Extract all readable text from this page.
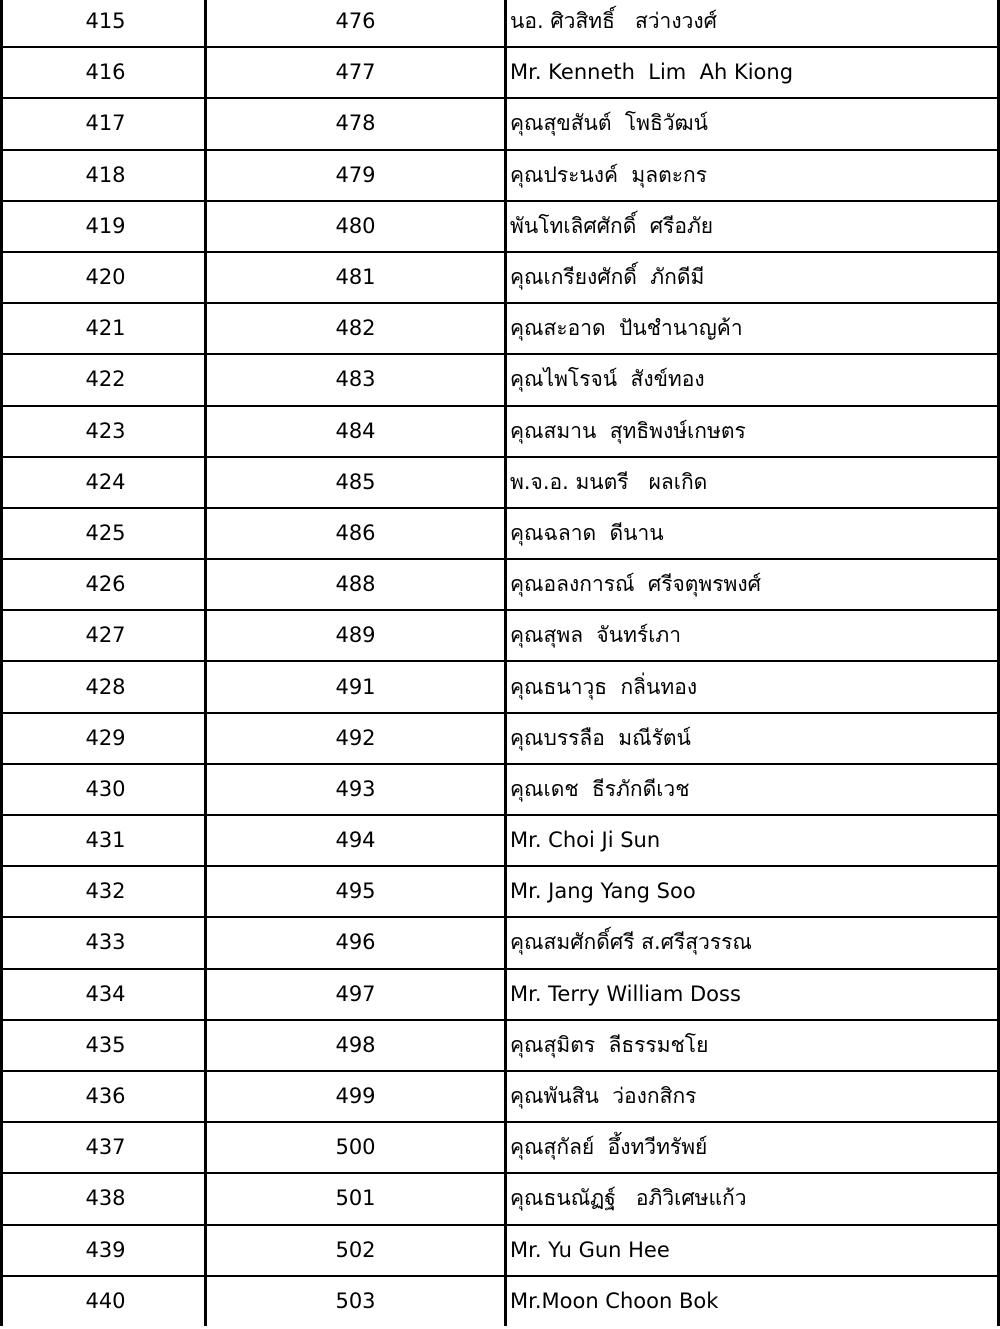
415	476	นอ. ศิวสิทธิ์   สว่างวงศ์
416	477	Mr. Kenneth  Lim  Ah Kiong
417	478	คุณสุขสันต์  โพธิวัฒน์
418	479	คุณประนงค์  มุลตะกร
419	480	พันโทเลิศศักดิ์  ศรีอภัย
420	481	คุณเกรียงศักดิ์  ภักดีมี
421	482	คุณสะอาด  ปันชำนาญค้า
422	483	คุณไพโรจน์  สังข์ทอง
423	484	คุณสมาน  สุทธิพงษ์เกษตร
424	485	พ.จ.อ. มนตรี   ผลเกิด
425	486	คุณฉลาด  ดีนาน
426	488	คุณอลงการณ์  ศรีจตุพรพงศ์
427	489	คุณสุพล  จันทร์เภา
428	491	คุณธนาวุธ  กลิ่นทอง
429	492	คุณบรรลือ  มณีรัตน์
430	493	คุณเดช  ธีรภักดีเวช
431	494	Mr. Choi Ji Sun
432	495	Mr. Jang Yang Soo
433	496	คุณสมศักดิ์ศรี ส.ศรีสุวรรณ
434	497	Mr. Terry William Doss
435	498	คุณสุมิตร  ลีธรรมชโย
436	499	คุณพันสิน  ว่องกสิกร
437	500	คุณสุกัลย์  อึ้งทวีทรัพย์
438	501	คุณธนณัฏฐ์   อภิวิเศษแก้ว
439	502	Mr. Yu Gun Hee
440	503	Mr.Moon Choon Bok
